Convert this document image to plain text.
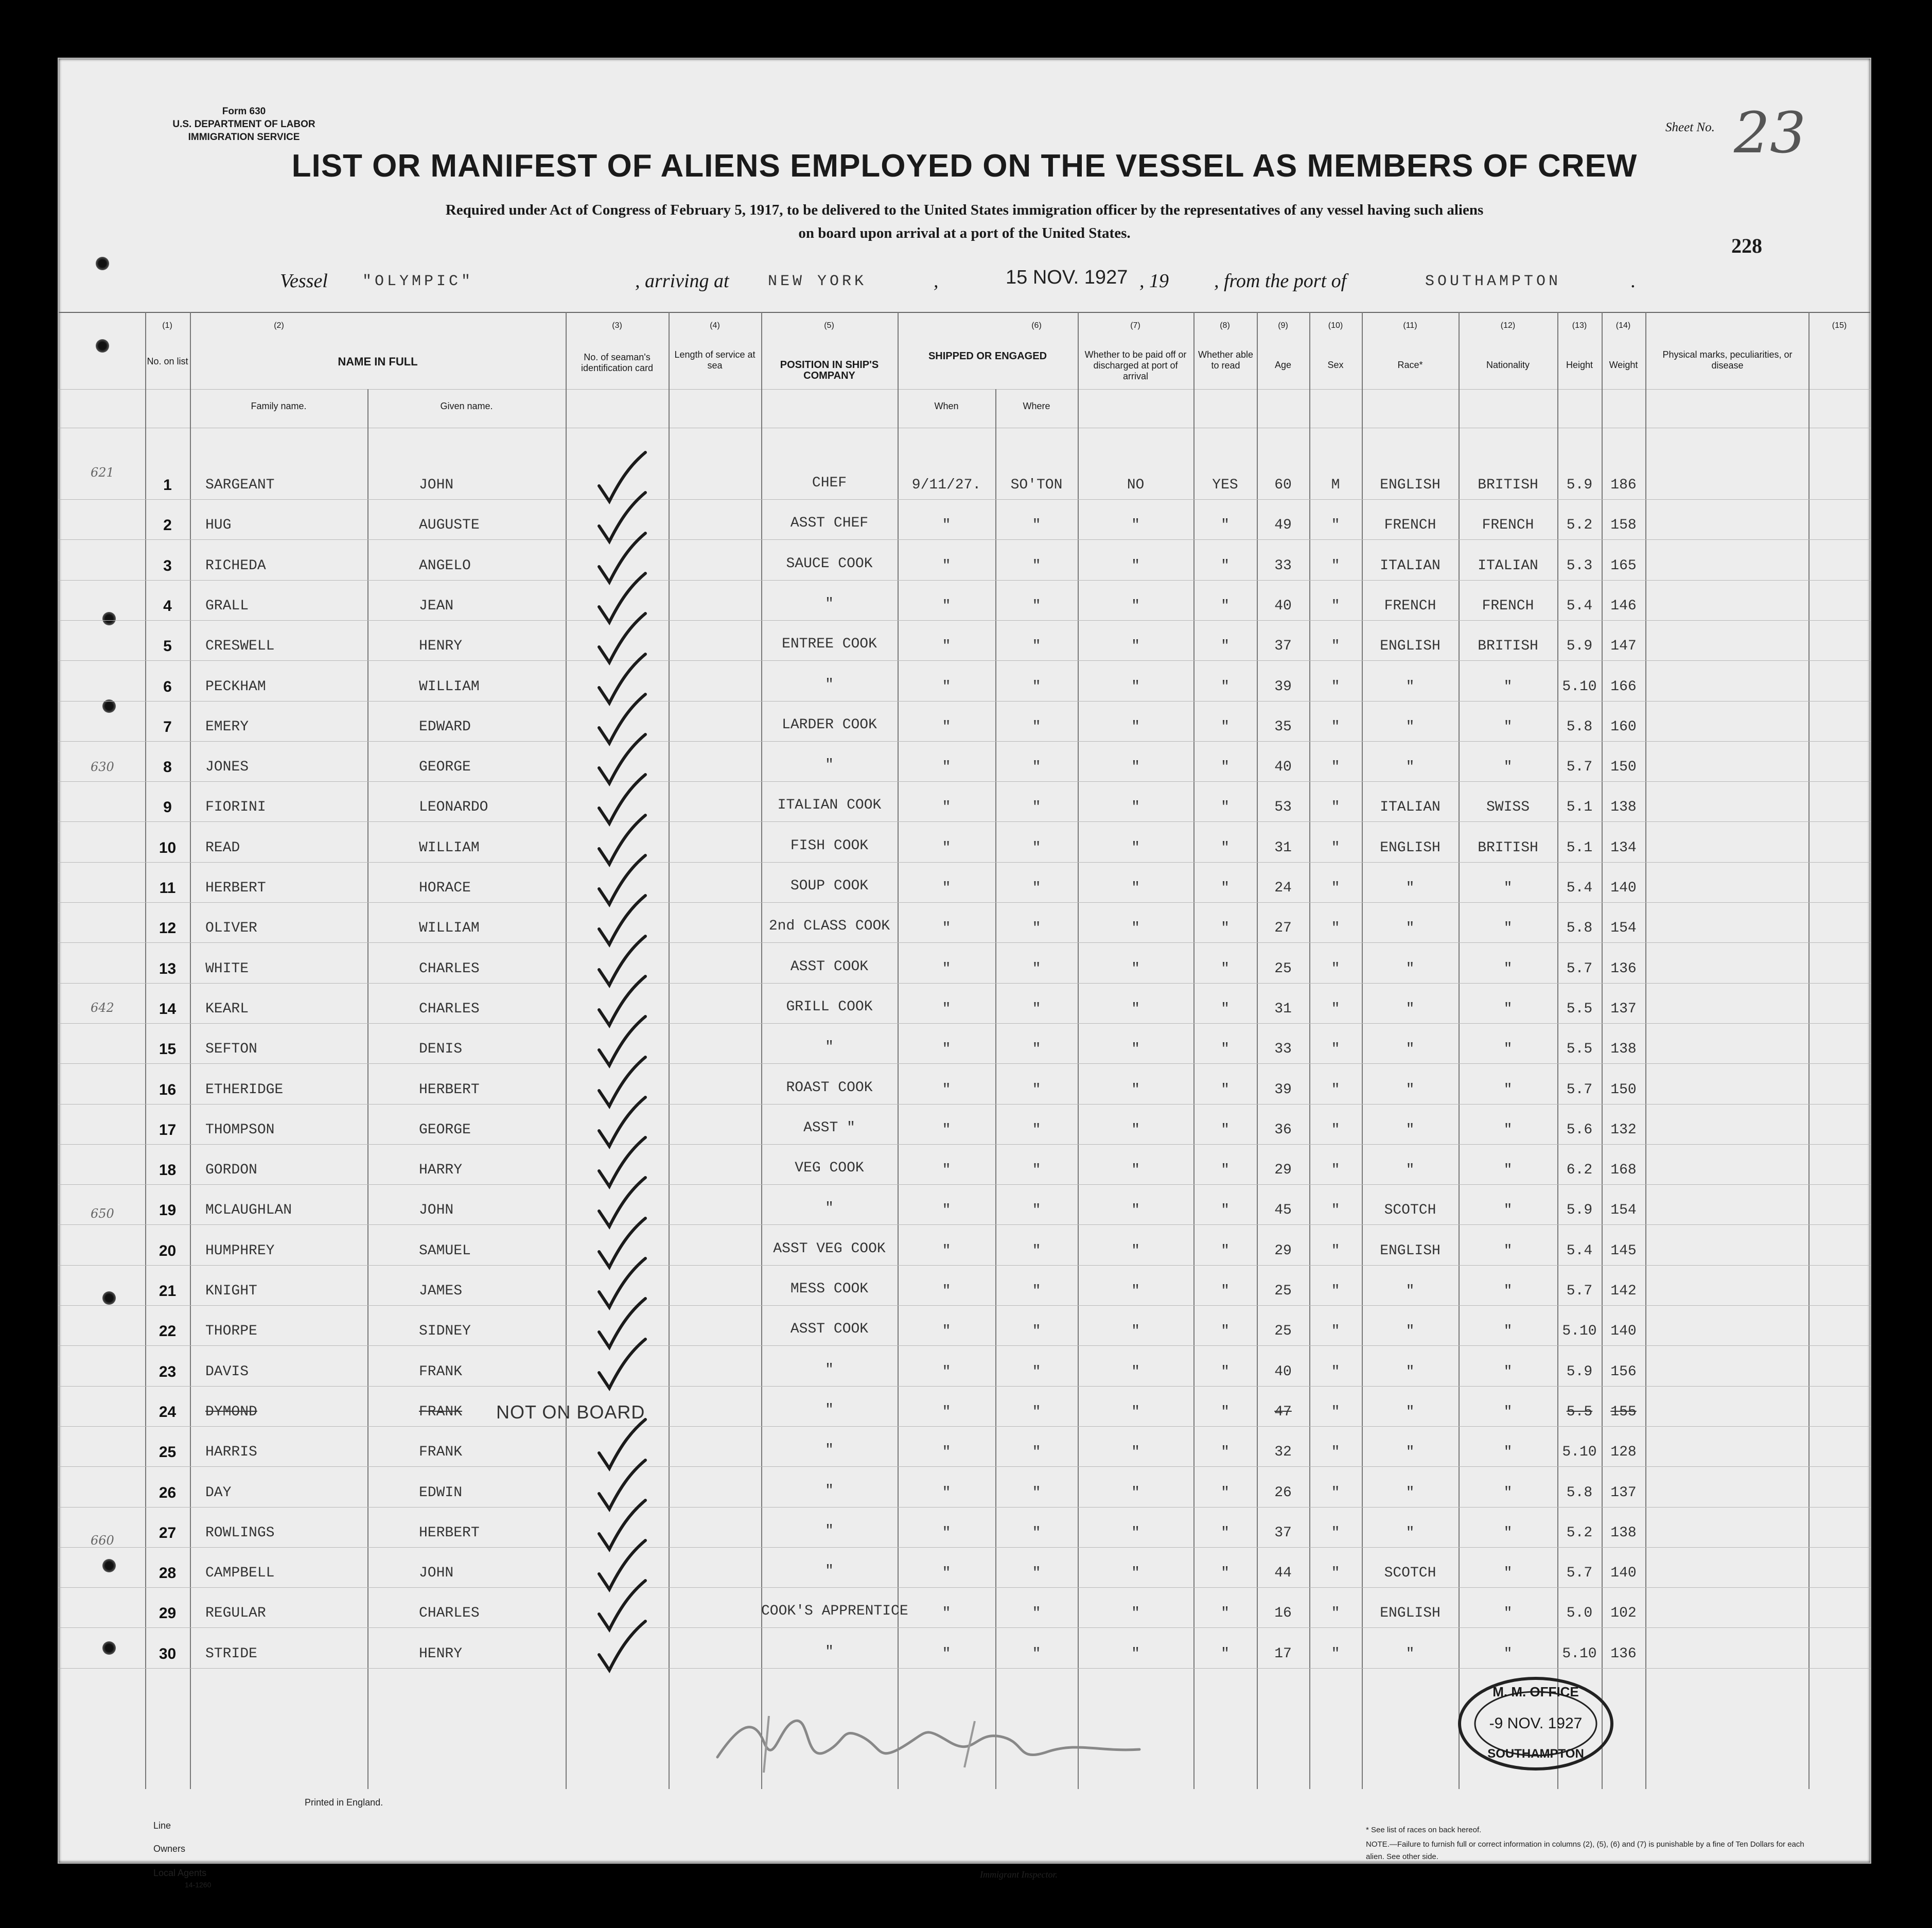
Form 630
U.S. DEPARTMENT OF LABOR
IMMIGRATION SERVICE
Sheet No. 23
228
LIST OR MANIFEST OF ALIENS EMPLOYED ON THE VESSEL AS MEMBERS OF CREW
Required under Act of Congress of February 5, 1917, to be delivered to the United States immigration officer by the representatives of any vessel having such aliens
on board upon arrival at a port of the United States.
Vessel "OLYMPIC"	, arriving at	NEW YORK	,	15 NOV. 1927 , 19 , from the port of	SOUTHAMPTON	.
(1)	(2)	(3)	(4)	(5)	(6)	(7)	(8)	(9)	(10)	(11)	(12)	(13)	(14)	(15)
No. on list	NAME IN FULL
Family name.	Given name.
No. of seaman's identification card
Length of service at sea	POSITION IN SHIP'S COMPANY
SHIPPED OR ENGAGED
When	Where
Whether to be paid off or discharged at port of arrival
Whether able to read	Age	Sex	Race*	Nationality	Height	Weight
Physical marks, peculiarities, or disease
1	SARGEANT	JOHN	CHEF	9/11/27.	SO'TON	NO	YES	60	M	ENGLISH	BRITISH	5.9	186
2	HUG	AUGUSTE	ASST CHEF	"	"	"	"	49	"	FRENCH	FRENCH	5.2	158
3	RICHEDA	ANGELO	SAUCE COOK	"	"	"	"	33	"	ITALIAN	ITALIAN	5.3	165
4	GRALL	JEAN	"	"	"	"	"	40	"	FRENCH	FRENCH	5.4	146
5	CRESWELL	HENRY	ENTREE COOK	"	"	"	"	37	"	ENGLISH	BRITISH	5.9	147
6	PECKHAM	WILLIAM	"	"	"	"	"	39	"	"	"	5.10 166
7	EMERY	EDWARD	LARDER COOK	"	"	"	"	35	"	"	"	5.8	160
8	JONES	GEORGE	"	"	"	"	"	40	"	"	"	5.7	150
9	FIORINI	LEONARDO	ITALIAN COOK	"	"	"	"	53	"	ITALIAN	SWISS	5.1	138
10	READ	WILLIAM	FISH COOK	"	"	"	"	31	"	ENGLISH	BRITISH	5.1	134
11	HERBERT	HORACE	SOUP COOK	"	"	"	"	24	"	"	"	5.4	140
12	OLIVER	WILLIAM	2nd CLASS COOK	"	"	"	"	27	"	"	"	5.8	154
13	WHITE	CHARLES	ASST COOK	"	"	"	"	25	"	"	"	5.7	136
14	KEARL	CHARLES	GRILL COOK	"	"	"	"	31	"	"	"	5.5	137
15	SEFTON	DENIS	"	"	"	"	"	33	"	"	"	5.5	138
16	ETHERIDGE	HERBERT	ROAST COOK	"	"	"	"	39	"	"	"	5.7	150
17	THOMPSON	GEORGE	ASST "	"	"	"	"	36	"	"	"	5.6	132
18	GORDON	HARRY	VEG COOK	"	"	"	"	29	"	"	"	6.2	168
19	MCLAUGHLAN	JOHN	"	"	"	"	"	45	"	SCOTCH	"	5.9	154
20	HUMPHREY	SAMUEL	ASST VEG COOK	"	"	"	"	29	"	ENGLISH	"	5.4	145
21	KNIGHT	JAMES	MESS COOK	"	"	"	"	25	"	"	"	5.7	142
22	THORPE	SIDNEY	ASST COOK	"	"	"	"	25	"	"	"	5.10 140
23	DAVIS	FRANK	"	"	"	"	"	40	"	"	"	5.9	156
24	DYMOND	FRANK	"	"	"	"	"	47	"	"	"	5.5	155
NOT ON BOARD
25	HARRIS	FRANK	"	"	"	"	"	32	"	"	"	5.10 128
26	DAY	EDWIN	"	"	"	"	"	26	"	"	"	5.8	137
27	ROWLINGS	HERBERT	"	"	"	"	"	37	"	"	"	5.2	138
28	CAMPBELL	JOHN	"	"	"	"	"	44	"	SCOTCH	"	5.7	140
29	REGULAR	CHARLES	COOK'S APPRENTICE	"	"	"	"	16	"	ENGLISH	"	5.0	102
30	STRIDE	HENRY	"	"	"	"	"	17	"	"	"	5.10 136
621
630
642
650
660
M. M. OFFICE
-9 NOV. 1927
SOUTHAMPTON
Printed in England.
Line
Owners
Local Agents
14-1260
Immigrant Inspector.
* See list of races on back hereof.
NOTE.—Failure to furnish full or correct information in columns (2), (5), (6) and (7) is punishable by a fine of Ten Dollars for each alien. See other side.
